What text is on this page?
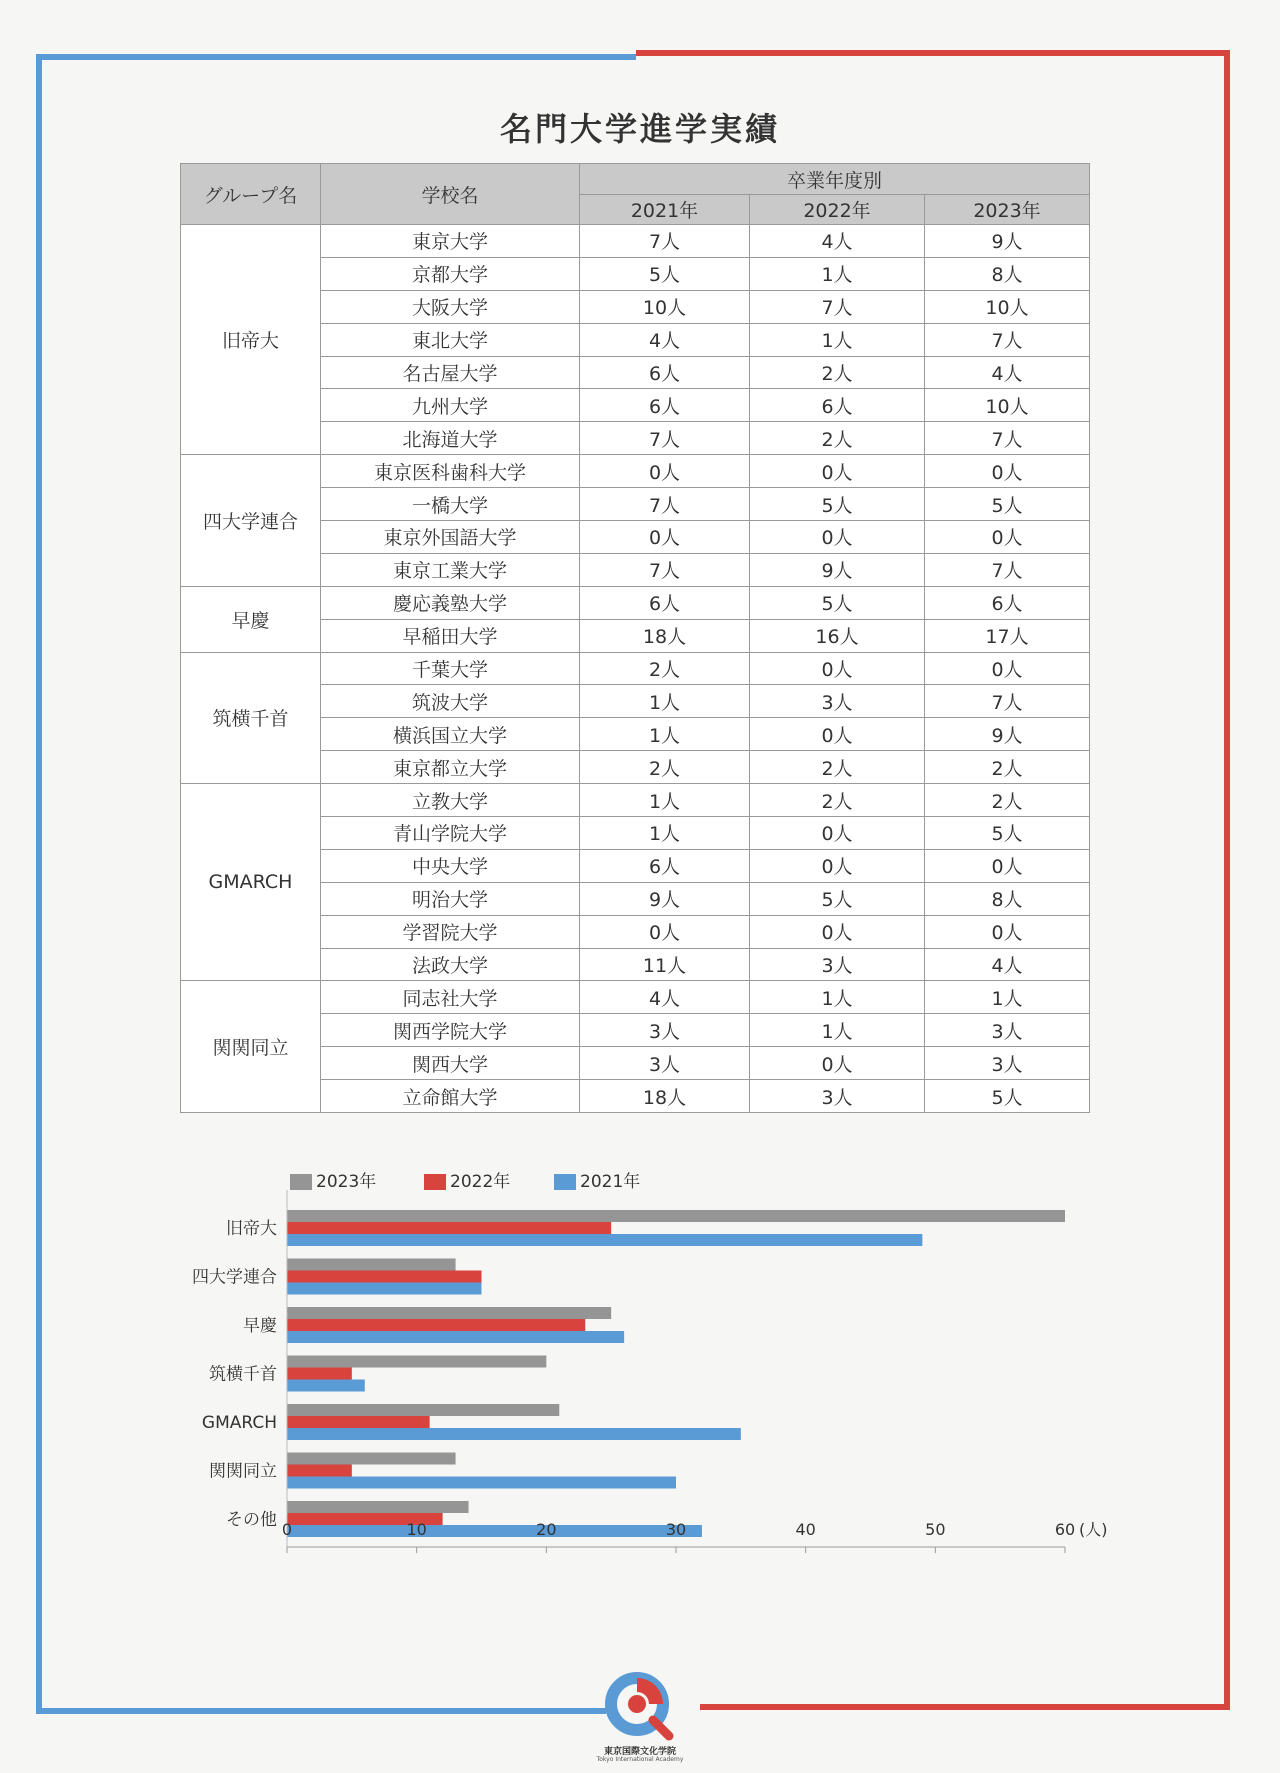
名門大学進学実績
グループ名	学校名	卒業年度別		
		2021年	2022年	2023年
旧帝大	東京大学	7人	4人	9人
	京都大学	5人	1人	8人
	大阪大学	10人	7人	10人
	東北大学	4人	1人	7人
	名古屋大学	6人	2人	4人
	九州大学	6人	6人	10人
	北海道大学	7人	2人	7人
四大学連合	東京医科歯科大学	0人	0人	0人
	一橋大学	7人	5人	5人
	東京外国語大学	0人	0人	0人
	東京工業大学	7人	9人	7人
早慶	慶応義塾大学	6人	5人	6人
	早稲田大学	18人	16人	17人
筑横千首	千葉大学	2人	0人	0人
	筑波大学	1人	3人	7人
	横浜国立大学	1人	0人	9人
	東京都立大学	2人	2人	2人
GMARCH	立教大学	1人	2人	2人
	青山学院大学	1人	0人	5人
	中央大学	6人	0人	0人
	明治大学	9人	5人	8人
	学習院大学	0人	0人	0人
	法政大学	11人	3人	4人
関関同立	同志社大学	4人	1人	1人
	関西学院大学	3人	1人	3人
	関西大学	3人	0人	3人
	立命館大学	18人	3人	5人
2023年	2022年	2021年
旧帝大
四大学連合
早慶
筑横千首
GMARCH
関関同立
その他 0	10	20	30	40	50	60 (人)
東京国際文化学院
Tokyo International Academy
